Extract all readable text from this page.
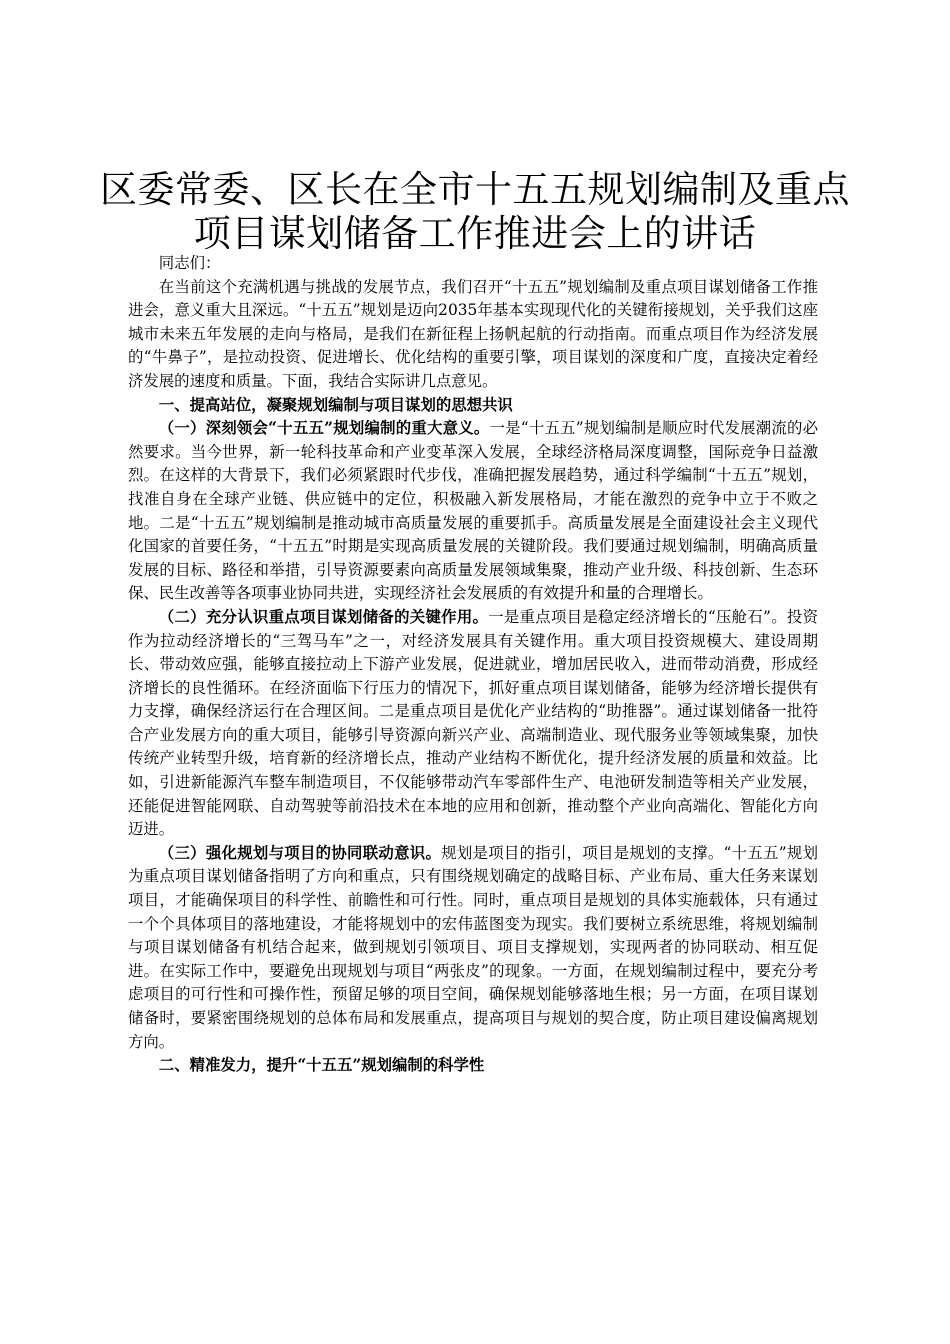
区委常委、区长在全市十五五规划编制及重点
项目谋划储备工作推进会上的讲话

同志们：

在当前这个充满机遇与挑战的发展节点，我们召开“十五五”规划编制及重点项目谋划储备工作推进会，意义重大且深远。“十五五”规划是迈向2035年基本实现现代化的关键衔接规划，关乎我们这座城市未来五年发展的走向与格局，是我们在新征程上扬帆起航的行动指南。而重点项目作为经济发展的“牛鼻子”，是拉动投资、促进增长、优化结构的重要引擎，项目谋划的深度和广度，直接决定着经济发展的速度和质量。下面，我结合实际讲几点意见。

一、提高站位，凝聚规划编制与项目谋划的思想共识

（一）深刻领会“十五五”规划编制的重大意义。一是“十五五”规划编制是顺应时代发展潮流的必然要求。当今世界，新一轮科技革命和产业变革深入发展，全球经济格局深度调整，国际竞争日益激烈。在这样的大背景下，我们必须紧跟时代步伐，准确把握发展趋势，通过科学编制“十五五”规划，找准自身在全球产业链、供应链中的定位，积极融入新发展格局，才能在激烈的竞争中立于不败之地。二是“十五五”规划编制是推动城市高质量发展的重要抓手。高质量发展是全面建设社会主义现代化国家的首要任务，“十五五”时期是实现高质量发展的关键阶段。我们要通过规划编制，明确高质量发展的目标、路径和举措，引导资源要素向高质量发展领域集聚，推动产业升级、科技创新、生态环保、民生改善等各项事业协同共进，实现经济社会发展质的有效提升和量的合理增长。

（二）充分认识重点项目谋划储备的关键作用。一是重点项目是稳定经济增长的“压舱石”。投资作为拉动经济增长的“三驾马车”之一，对经济发展具有关键作用。重大项目投资规模大、建设周期长、带动效应强，能够直接拉动上下游产业发展，促进就业，增加居民收入，进而带动消费，形成经济增长的良性循环。在经济面临下行压力的情况下，抓好重点项目谋划储备，能够为经济增长提供有力支撑，确保经济运行在合理区间。二是重点项目是优化产业结构的“助推器”。通过谋划储备一批符合产业发展方向的重大项目，能够引导资源向新兴产业、高端制造业、现代服务业等领域集聚，加快传统产业转型升级，培育新的经济增长点，推动产业结构不断优化，提升经济发展的质量和效益。比如，引进新能源汽车整车制造项目，不仅能够带动汽车零部件生产、电池研发制造等相关产业发展，还能促进智能网联、自动驾驶等前沿技术在本地的应用和创新，推动整个产业向高端化、智能化方向迈进。

（三）强化规划与项目的协同联动意识。规划是项目的指引，项目是规划的支撑。“十五五”规划为重点项目谋划储备指明了方向和重点，只有围绕规划确定的战略目标、产业布局、重大任务来谋划项目，才能确保项目的科学性、前瞻性和可行性。同时，重点项目是规划的具体实施载体，只有通过一个个具体项目的落地建设，才能将规划中的宏伟蓝图变为现实。我们要树立系统思维，将规划编制与项目谋划储备有机结合起来，做到规划引领项目、项目支撑规划，实现两者的协同联动、相互促进。在实际工作中，要避免出现规划与项目“两张皮”的现象。一方面，在规划编制过程中，要充分考虑项目的可行性和可操作性，预留足够的项目空间，确保规划能够落地生根；另一方面，在项目谋划储备时，要紧密围绕规划的总体布局和发展重点，提高项目与规划的契合度，防止项目建设偏离规划方向。

二、精准发力，提升“十五五”规划编制的科学性
